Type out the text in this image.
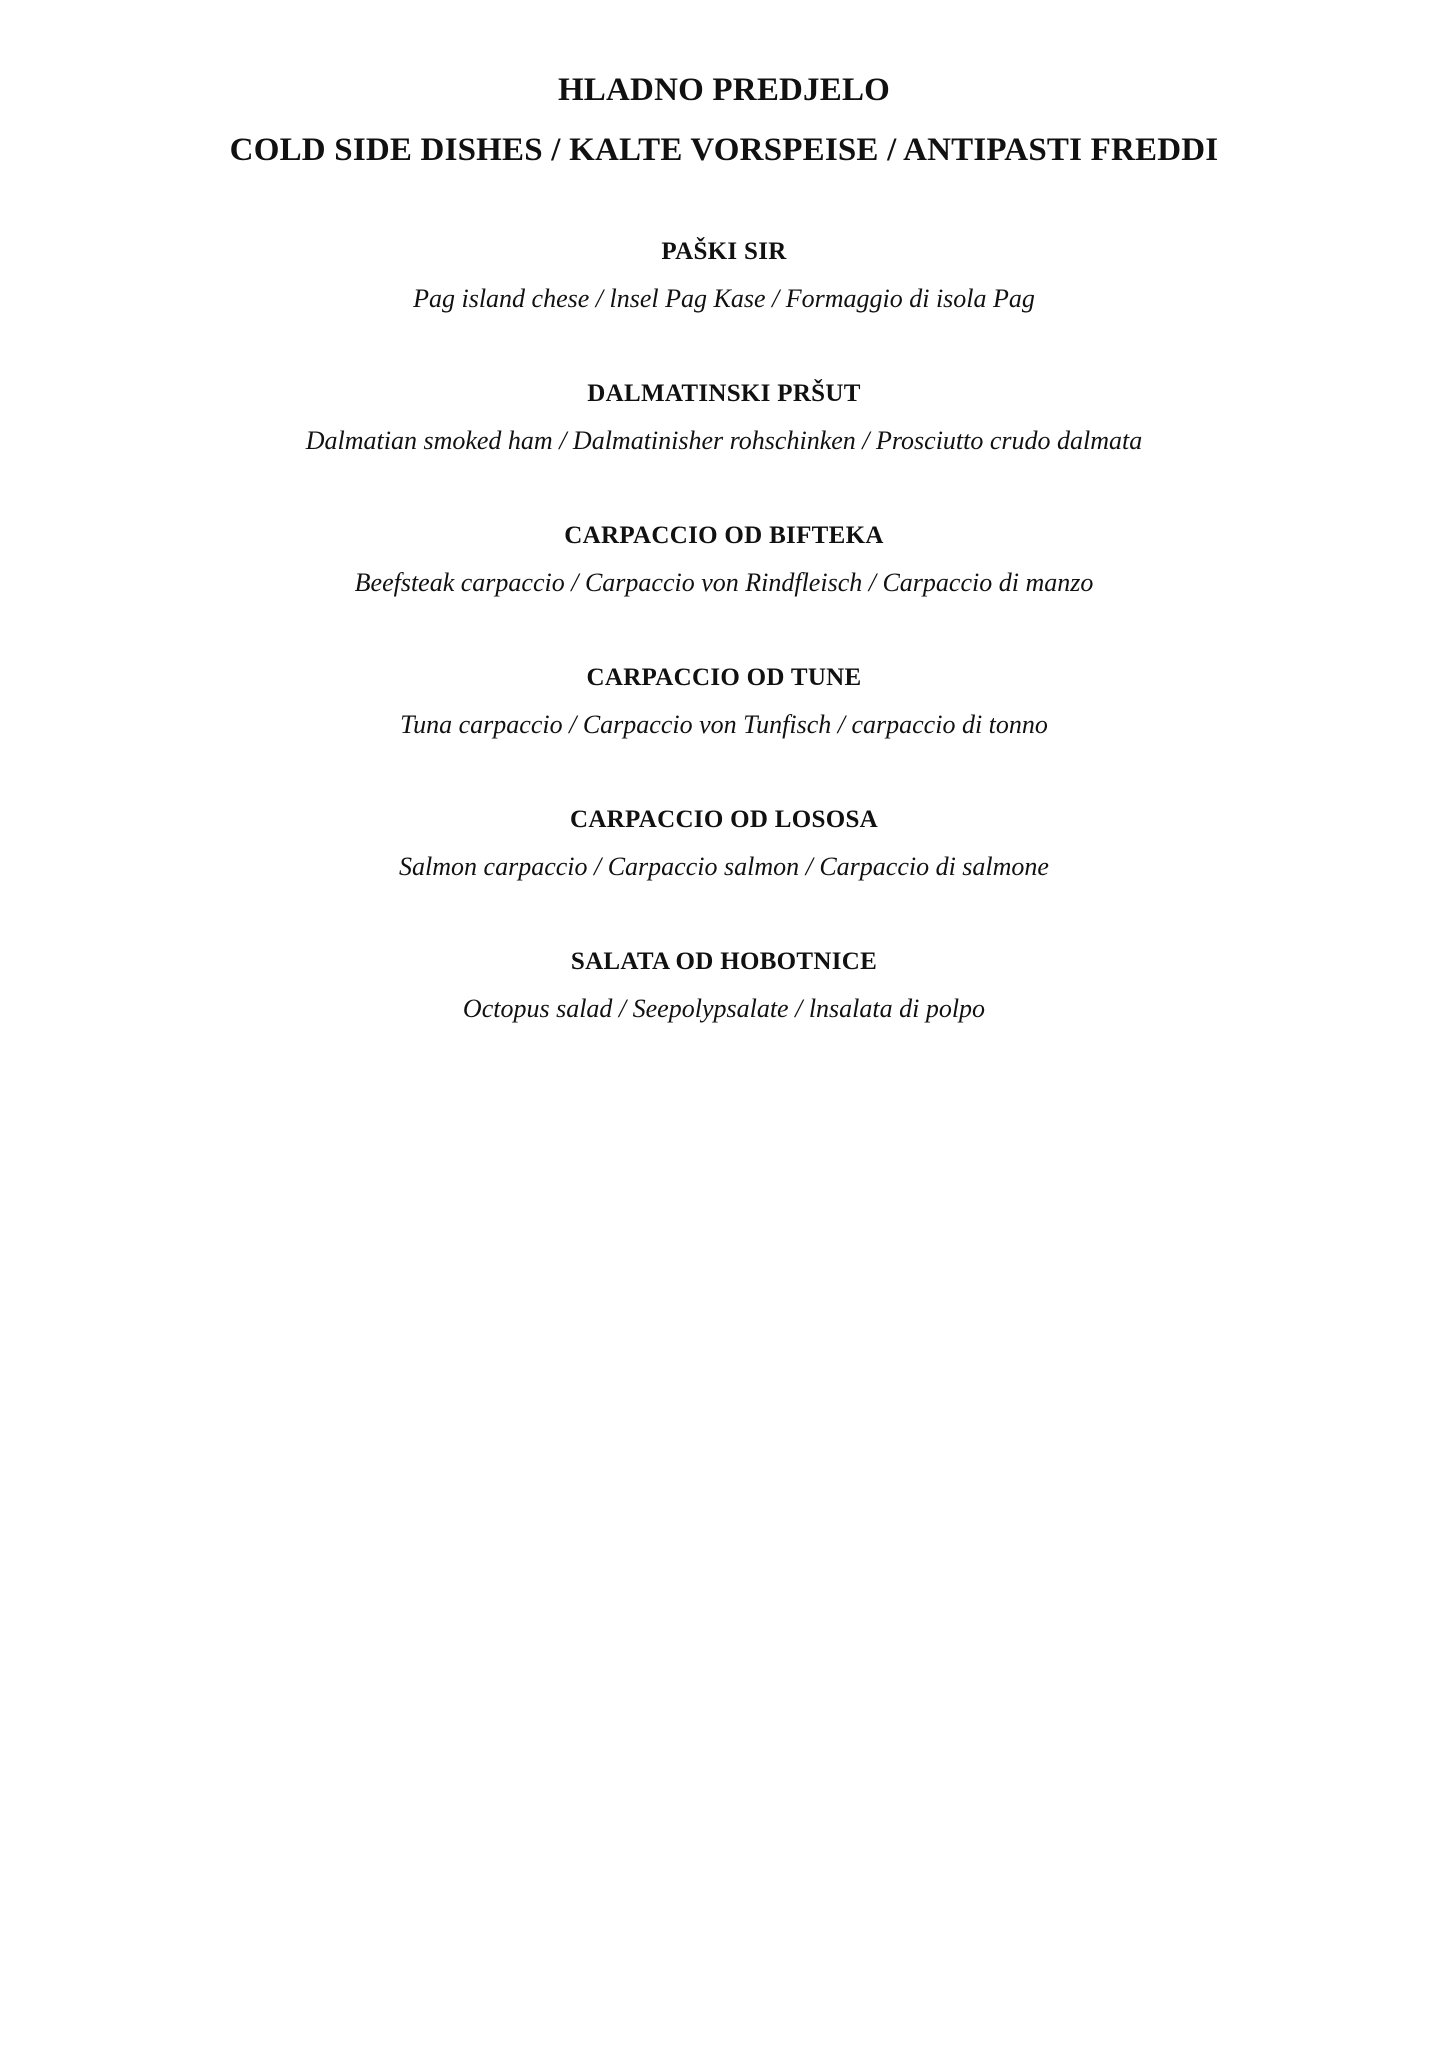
HLADNO PREDJELO
COLD SIDE DISHES / KALTE VORSPEISE / ANTIPASTI FREDDI
PAŠKI SIR
Pag island chese / lnsel Pag Kase / Formaggio di isola Pag
DALMATINSKI PRŠUT
Dalmatian smoked ham / Dalmatinisher rohschinken / Prosciutto crudo dalmata
CARPACCIO OD BIFTEKA
Beefsteak carpaccio / Carpaccio von Rindfleisch / Carpaccio di manzo
CARPACCIO OD TUNE
Tuna carpaccio / Carpaccio von Tunfisch / carpaccio di tonno
CARPACCIO OD LOSOSA
Salmon carpaccio / Carpaccio salmon / Carpaccio di salmone
SALATA OD HOBOTNICE
Octopus salad / Seepolypsalate / lnsalata di polpo
